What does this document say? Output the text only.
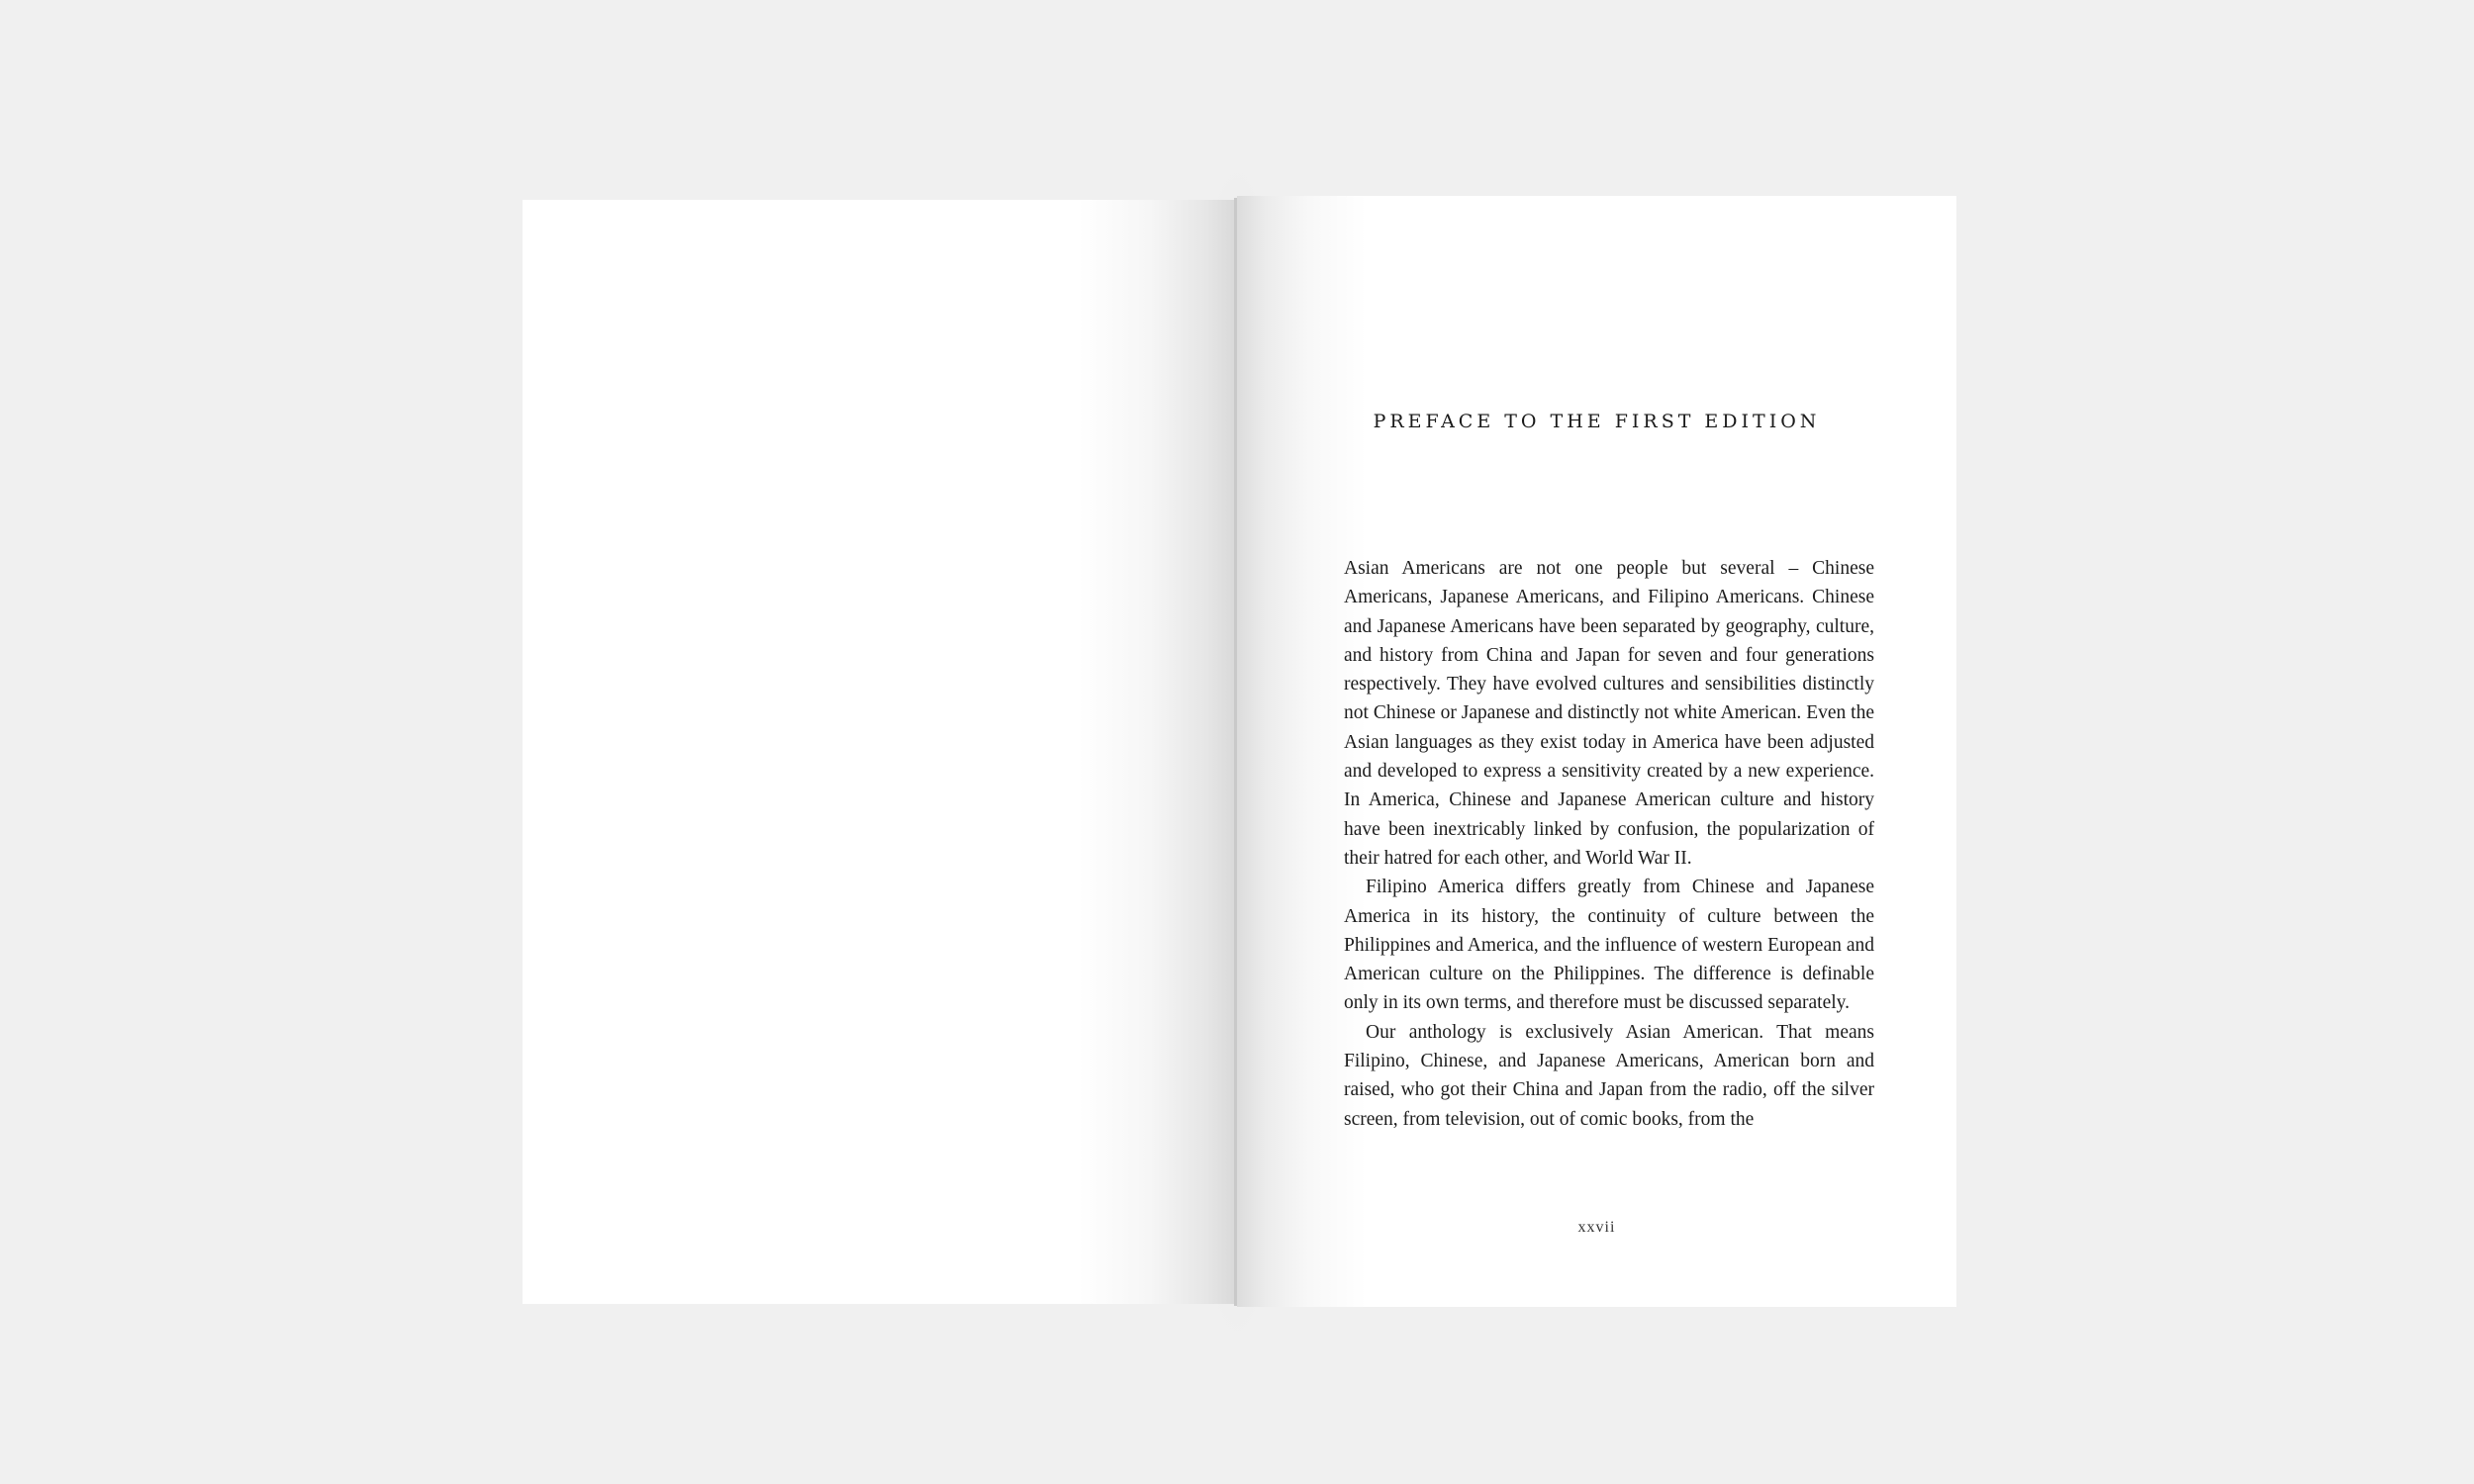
PREFACE TO THE FIRST EDITION

Asian Americans are not one people but several – Chinese Americans, Japanese Americans, and Filipino Americans. Chinese and Japanese Americans have been separated by geography, culture, and history from China and Japan for seven and four generations respectively. They have evolved cultures and sensibilities distinctly not Chinese or Japanese and distinctly not white American. Even the Asian languages as they exist today in America have been adjusted and developed to express a sensitivity created by a new experience. In America, Chinese and Japanese American culture and history have been inextricably linked by confusion, the popularization of their hatred for each other, and World War II.

Filipino America differs greatly from Chinese and Japanese America in its history, the continuity of culture between the Philippines and America, and the influence of western European and American culture on the Philippines. The difference is definable only in its own terms, and therefore must be discussed separately.

Our anthology is exclusively Asian American. That means Filipino, Chinese, and Japanese Americans, American born and raised, who got their China and Japan from the radio, off the silver screen, from television, out of comic books, from the

xxvii
